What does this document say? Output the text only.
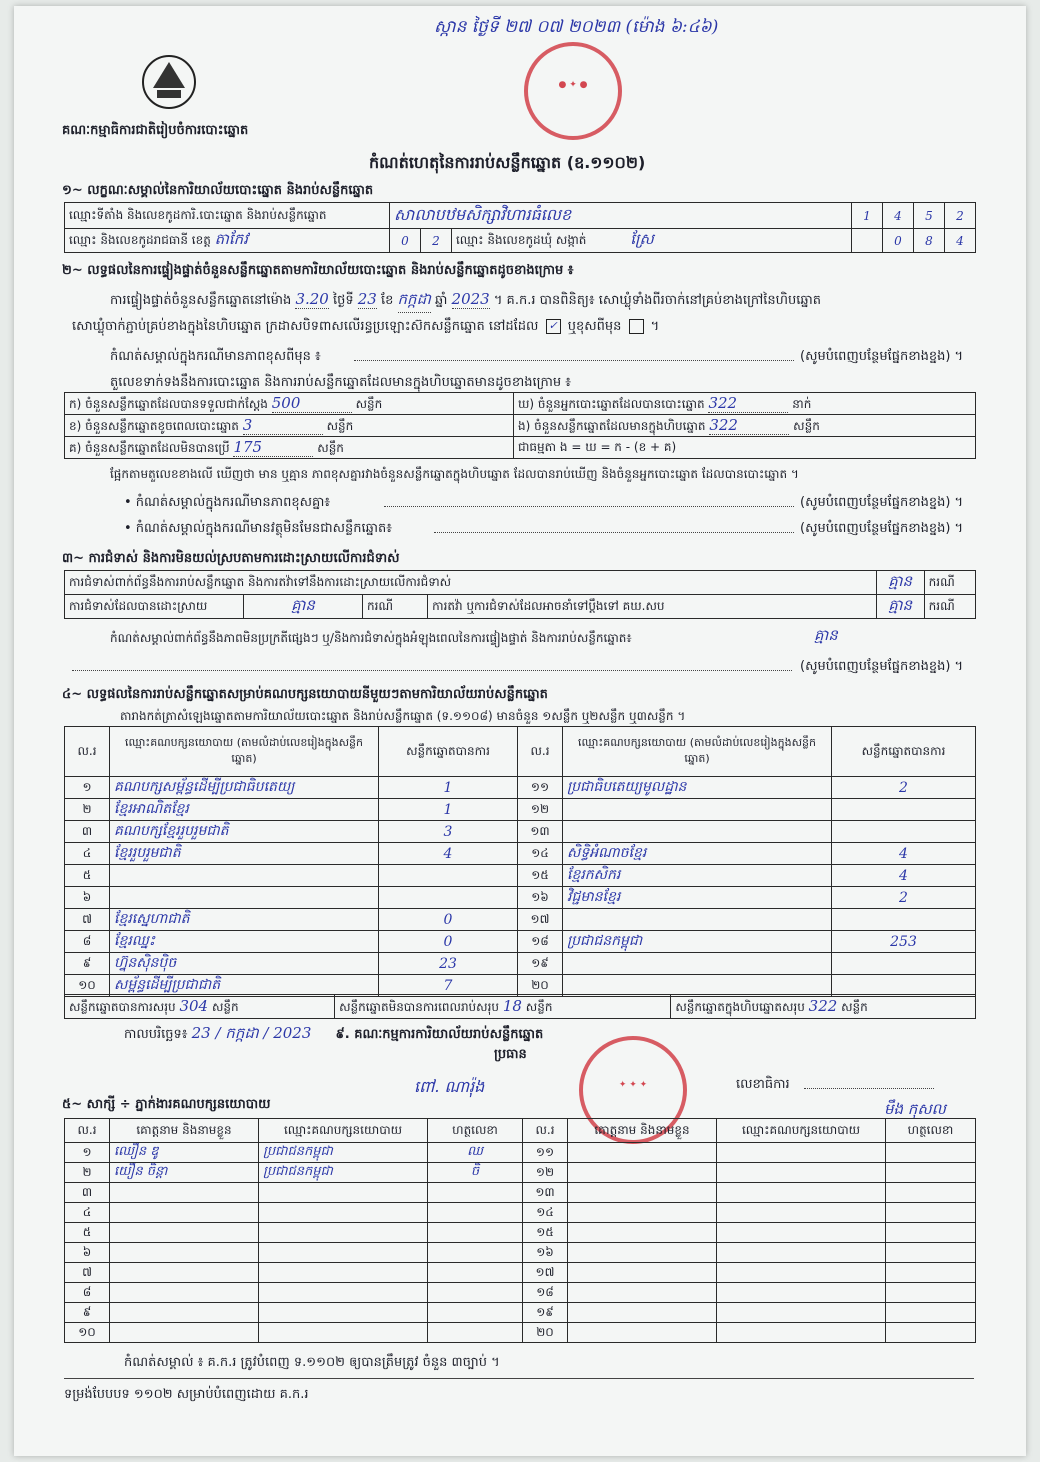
ស្កាន​ ថ្ងៃទី ២៧ ០៧ ២០២៣ (ម៉ោង ៦:៤៦)
● ✦ ●
✦ ✦ ✦
គណៈកម្មាធិការជាតិរៀបចំការបោះឆ្នោត
កំណត់ហេតុនៃការរាប់សន្លឹកឆ្នោត (ឧ.១១០២)
១~ លក្ខណៈសម្គាល់នៃការិយាល័យបោះឆ្នោត និងរាប់សន្លឹកឆ្នោត
ឈ្មោះទីតាំង និងលេខកូដការិ.បោះឆ្នោត និងរាប់សន្លឹកឆ្នោត	សាលាបឋមសិក្សាវិហារធំលេខ			1	4	5	2
ឈ្មោះ និងលេខកូដរាជធានី ខេត្ត តាកែវ	0	2	ឈ្មោះ និងលេខកូដឃុំ សង្កាត់ ស្រែ		0	8	4
២~ លទ្ធផលនៃការផ្ទៀងផ្ទាត់ចំនួនសន្លឹកឆ្នោតតាមការិយាល័យបោះឆ្នោត និងរាប់សន្លឹកឆ្នោតដូចខាងក្រោម ៖
ការផ្ទៀងផ្ទាត់ចំនួនសន្លឹកឆ្នោតនៅម៉ោង 3.20 ថ្ងៃទី 23 ខែ កក្កដា ឆ្នាំ 2023 ។ គ.ក.រ បានពិនិត្យ៖ សោឃ្លុំទាំងពីរចាក់នៅគ្រប់ខាងក្រៅនៃហិបឆ្នោត
សោឃ្លុំចាក់ភ្ជាប់គ្រប់ខាងក្នុងនៃហិបឆ្នោត ក្រដាសបិទពាសលើរន្ធប្រឡោះស៊កសន្លឹកឆ្នោត នៅដដែល ✓ ឬខុសពីមុន  ។
កំណត់សម្គាល់ក្នុងករណីមានភាពខុសពីមុន ៖	(សូមបំពេញបន្ថែមផ្នែកខាងខ្នង) ។
តួលេខទាក់ទងនឹងការបោះឆ្នោត និងការរាប់សន្លឹកឆ្នោតដែលមានក្នុងហិបឆ្នោតមានដូចខាងក្រោម ៖
ក) ចំនួនសន្លឹកឆ្នោតដែលបានទទួលជាក់ស្ដែង 500 សន្លឹក	ឃ) ចំនួនអ្នកបោះឆ្នោតដែលបានបោះឆ្នោត 322 នាក់
ខ) ចំនួនសន្លឹកឆ្នោតខូចពេលបោះឆ្នោត 3 សន្លឹក	ង) ចំនួនសន្លឹកឆ្នោតដែលមានក្នុងហិបឆ្នោត 322 សន្លឹក
គ) ចំនួនសន្លឹកឆ្នោតដែលមិនបានប្រើ 175 សន្លឹក	ជាធម្មតា ង = ឃ = ក - (ខ + គ)
ផ្អែកតាមតួលេខខាងលើ ឃើញថា មាន ឬគ្មាន ភាពខុសគ្នារវាងចំនួនសន្លឹកឆ្នោតក្នុងហិបឆ្នោត ដែលបានរាប់ឃើញ និងចំនួនអ្នកបោះឆ្នោត ដែលបានបោះឆ្នោត ។
• កំណត់សម្គាល់ក្នុងករណីមានភាពខុសគ្នា៖	(សូមបំពេញបន្ថែមផ្នែកខាងខ្នង) ។
• កំណត់សម្គាល់ក្នុងករណីមានវត្ថុមិនមែនជាសន្លឹកឆ្នោត៖	(សូមបំពេញបន្ថែមផ្នែកខាងខ្នង) ។
៣~ ការជំទាស់ និងការមិនយល់ស្របតាមការដោះស្រាយលើការជំទាស់
ការជំទាស់ពាក់ព័ន្ធនឹងការរាប់សន្លឹកឆ្នោត និងការតវ៉ាទៅនឹងការដោះស្រាយលើការជំទាស់				គ្មាន	ករណី
ការជំទាស់ដែលបានដោះស្រាយ	គ្មាន	ករណី	ការតវ៉ា ឬការជំទាស់ដែលអាចនាំទៅប្ដឹងទៅ គឃ.សប	គ្មាន	ករណី
កំណត់សម្គាល់ពាក់ព័ន្ធនឹងភាពមិនប្រក្រតីផ្សេងៗ ឬ/និងការជំទាស់ក្នុងអំឡុងពេលនៃការផ្ទៀងផ្ទាត់ និងការរាប់សន្លឹកឆ្នោត៖	គ្មាន
(សូមបំពេញបន្ថែមផ្នែកខាងខ្នង) ។
៤~ លទ្ធផលនៃការរាប់សន្លឹកឆ្នោតសម្រាប់គណបក្សនយោបាយនីមួយៗតាមការិយាល័យរាប់សន្លឹកឆ្នោត
តារាងកត់ត្រាសំឡេងឆ្នោតតាមការិយាល័យបោះឆ្នោត និងរាប់សន្លឹកឆ្នោត (ទ.១១០៨) មានចំនួន ១សន្លឹក ឬ២សន្លឹក ឬ៣សន្លឹក ។
ល.រ	ឈ្មោះគណបក្សនយោបាយ (តាមលំដាប់លេខរៀងក្នុងសន្លឹកឆ្នោត)	សន្លឹកឆ្នោតបានការ	ល.រ	ឈ្មោះគណបក្សនយោបាយ (តាមលំដាប់លេខរៀងក្នុងសន្លឹកឆ្នោត)	សន្លឹកឆ្នោតបានការ
១	គណបក្សសម្ព័ន្ធដើម្បីប្រជាធិបតេយ្យ	1	១១	ប្រជាធិបតេយ្យមូលដ្ឋាន	2
២	ខ្មែរអាណិតខ្មែរ	1	១២		
៣	គណបក្សខ្មែររួបរួមជាតិ	3	១៣		
៤	ខ្មែររួបរួមជាតិ	4	១៤	សិទ្ធិអំណាចខ្មែរ	4
៥			១៥	ខ្មែរកសិករ	4
៦			១៦	វិជ្ជមានខ្មែរ	2
៧	ខ្មែរស្នេហាជាតិ	0	១៧		
៨	ខ្មែរឈ្នះ	0	១៨	ប្រជាជនកម្ពុជា	253
៩	ហ្វ៊ុនស៊ិនប៉ិច	23	១៩		
១០	សម្ព័ន្ធដើម្បីប្រជាជាតិ	7	២០		
សន្លឹកឆ្នោតបានការសរុប 304 សន្លឹក	សន្លឹកឆ្នោតមិនបានការពេលរាប់សរុប 18 សន្លឹក	សន្លឹកឆ្នោតក្នុងហិបឆ្នោតសរុប 322 សន្លឹក
កាលបរិច្ឆេទ៖ 23 / កក្កដា / 2023 ៩. គណៈកម្មការការិយាល័យរាប់សន្លឹកឆ្នោត
ប្រធាន
ពៅ. ណារ៉ុង	លេខាធិការ
មឹង កុសល
៥~ សាក្សី ÷ ភ្នាក់ងារគណបក្សនយោបាយ
ល.រ	គោត្តនាម និងនាមខ្លួន	ឈ្មោះគណបក្សនយោបាយ	ហត្ថលេខា	ល.រ	គោត្តនាម និងនាមខ្លួន	ឈ្មោះគណបក្សនយោបាយ	ហត្ថលេខា
១	ឈឿន ឌូ	ប្រជាជនកម្ពុជា	ឈ	១១			
២	យឿន ចិន្តា	ប្រជាជនកម្ពុជា	ចិ	១២			
៣				១៣			
៤				១៤			
៥				១៥			
៦				១៦			
៧				១៧			
៨				១៨			
៩				១៩			
១០				២០			
កំណត់សម្គាល់ ៖ គ.ក.រ ត្រូវបំពេញ ទ.១១០២ ឲ្យបានត្រឹមត្រូវ ចំនួន ៣ច្បាប់ ។
ទម្រង់បែបបទ ១១០២ សម្រាប់បំពេញដោយ គ.ក.រ
